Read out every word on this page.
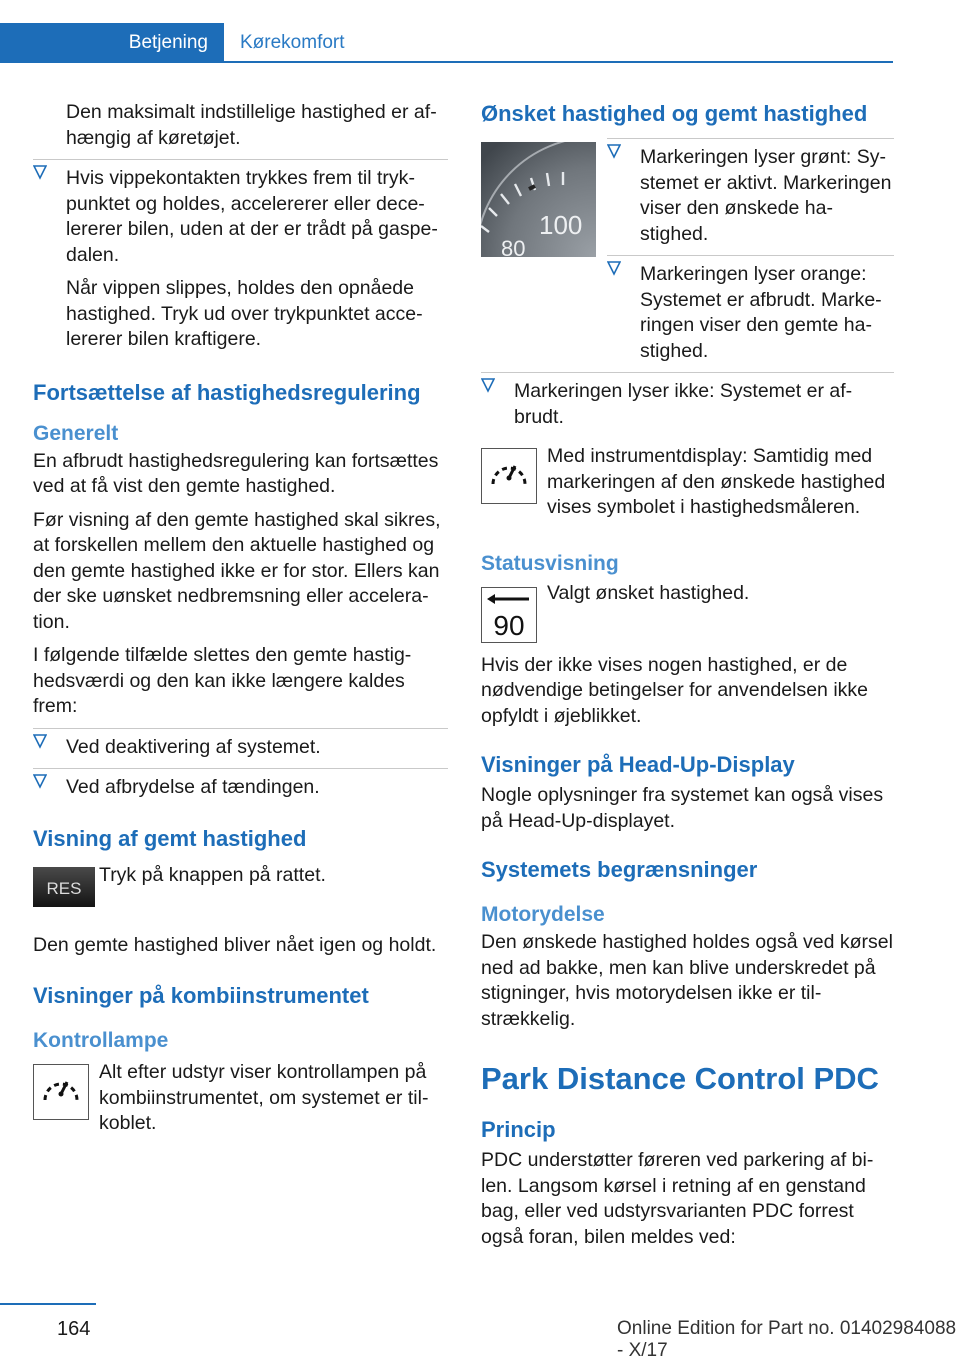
Betjening Kørekomfort

Den maksimalt indstillelige hastighed er afhængig af køretøjet.

Hvis vippekontakten trykkes frem til trykpunktet og holdes, accelererer eller decelererer bilen, uden at der er trådt på gaspedalen.

Når vippen slippes, holdes den opnåede hastighed. Tryk ud over trykpunktet accelererer bilen kraftigere.

Fortsættelse af hastighedsregulering
Generelt

En afbrudt hastighedsregulering kan fortsættes ved at få vist den gemte hastighed.

Før visning af den gemte hastighed skal sikres, at forskellen mellem den aktuelle hastighed og den gemte hastighed ikke er for stor. Ellers kan der ske uønsket nedbremsning eller acceleration.

I følgende tilfælde slettes den gemte hastighedsværdi og den kan ikke længere kaldes frem:

Ved deaktivering af systemet.
Ved afbrydelse af tændingen.
Visning af gemt hastighed
RES
Tryk på knappen på rattet.

Den gemte hastighed bliver nået igen og holdt.

Visninger på kombiinstrumentet
Kontrollampe
Alt efter udstyr viser kontrollampen på kombiinstrumentet, om systemet er tilkoblet.
Ønsket hastighed og gemt hastighed
100
80
Markeringen lyser grønt: Systemet er aktivt. Markeringen viser den ønskede hastighed.
Markeringen lyser orange: Systemet er afbrudt. Markeringen viser den gemte hastighed.
Markeringen lyser ikke: Systemet er afbrudt.
Med instrumentdisplay: Samtidig med markeringen af den ønskede hastighed vises symbolet i hastighedsmåleren.
Statusvisning
90
Valgt ønsket hastighed.

Hvis der ikke vises nogen hastighed, er de nødvendige betingelser for anvendelsen ikke opfyldt i øjeblikket.

Visninger på Head-Up-Display

Nogle oplysninger fra systemet kan også vises på Head-Up-displayet.

Systemets begrænsninger
Motorydelse

Den ønskede hastighed holdes også ved kørsel ned ad bakke, men kan blive underskredet på stigninger, hvis motorydelsen ikke er tilstrækkelig.

Park Distance Control PDC
Princip

PDC understøtter føreren ved parkering af bilen. Langsom kørsel i retning af en genstand bag, eller ved udstyrsvarianten PDC forrest også foran, bilen meldes ved:

164	Online Edition for Part no. 01402984088 - X/17
